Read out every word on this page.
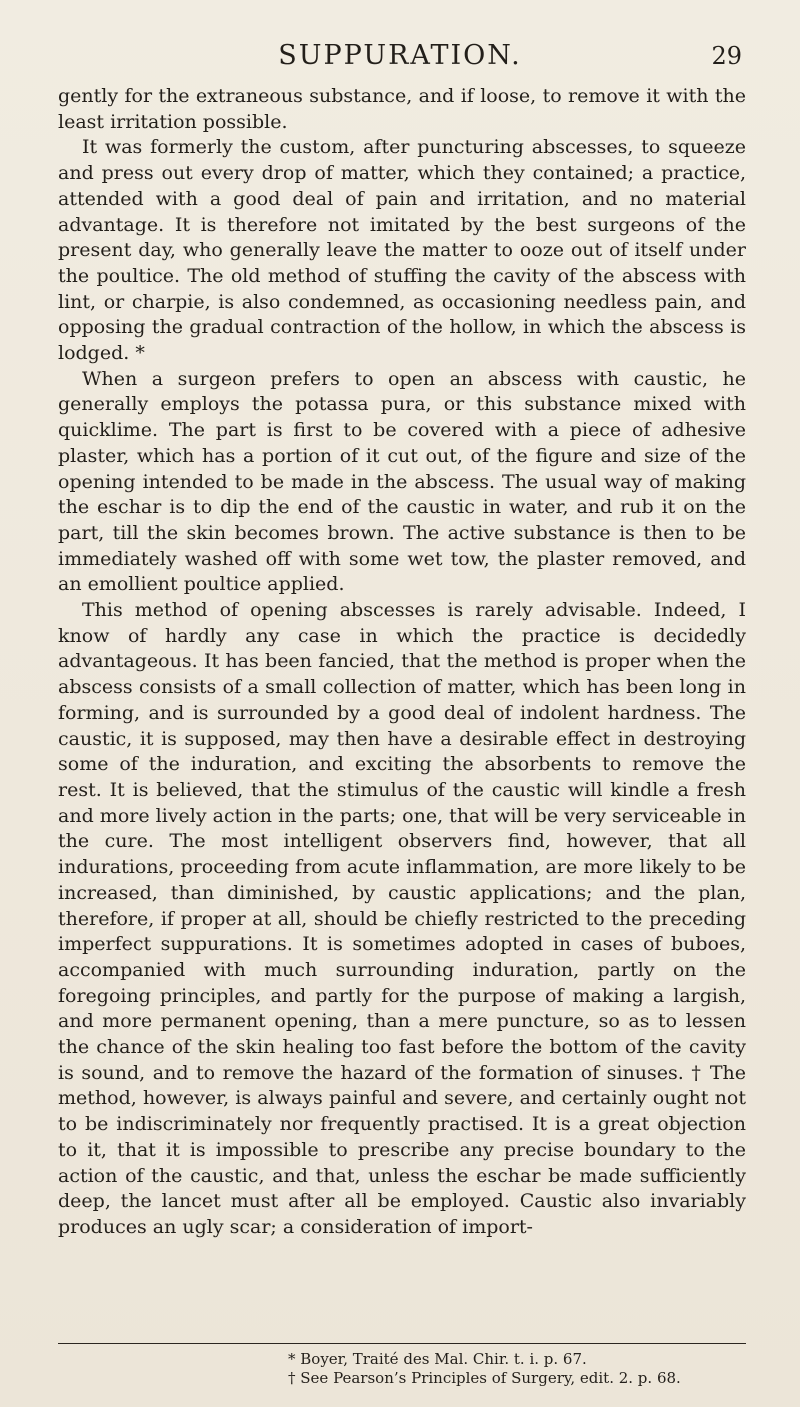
SUPPURATION.	29

gently for the extraneous substance, and if loose, to remove it with the least irritation possible.

It was formerly the custom, after puncturing abscesses, to squeeze and press out every drop of matter, which they contained; a practice, attended with a good deal of pain and irritation, and no material advantage. It is therefore not imitated by the best surgeons of the present day, who generally leave the matter to ooze out of itself under the poultice. The old method of stuffing the cavity of the abscess with lint, or charpie, is also condemned, as occasioning needless pain, and opposing the gradual contraction of the hollow, in which the abscess is lodged. *

When a surgeon prefers to open an abscess with caustic, he generally employs the potassa pura, or this substance mixed with quicklime. The part is first to be covered with a piece of adhesive plaster, which has a portion of it cut out, of the figure and size of the opening intended to be made in the abscess. The usual way of making the eschar is to dip the end of the caustic in water, and rub it on the part, till the skin becomes brown. The active substance is then to be immediately washed off with some wet tow, the plaster removed, and an emollient poultice applied.

This method of opening abscesses is rarely advisable. Indeed, I know of hardly any case in which the practice is decidedly advantageous. It has been fancied, that the method is proper when the abscess consists of a small collection of matter, which has been long in forming, and is surrounded by a good deal of indolent hardness. The caustic, it is supposed, may then have a desirable effect in destroying some of the induration, and exciting the absorbents to remove the rest. It is believed, that the stimulus of the caustic will kindle a fresh and more lively action in the parts; one, that will be very serviceable in the cure. The most intelligent observers find, however, that all indurations, proceeding from acute inflammation, are more likely to be increased, than diminished, by caustic applications; and the plan, therefore, if proper at all, should be chiefly restricted to the preceding imperfect suppurations. It is sometimes adopted in cases of buboes, accompanied with much surrounding induration, partly on the foregoing principles, and partly for the purpose of making a largish, and more permanent opening, than a mere puncture, so as to lessen the chance of the skin healing too fast before the bottom of the cavity is sound, and to remove the hazard of the formation of sinuses. † The method, however, is always painful and severe, and certainly ought not to be indiscriminately nor frequently practised. It is a great objection to it, that it is impossible to prescribe any precise boundary to the action of the caustic, and that, unless the eschar be made sufficiently deep, the lancet must after all be employed. Caustic also invariably produces an ugly scar; a consideration of import-

* Boyer, Traité des Mal. Chir. t. i. p. 67.
† See Pearson’s Principles of Surgery, edit. 2. p. 68.
